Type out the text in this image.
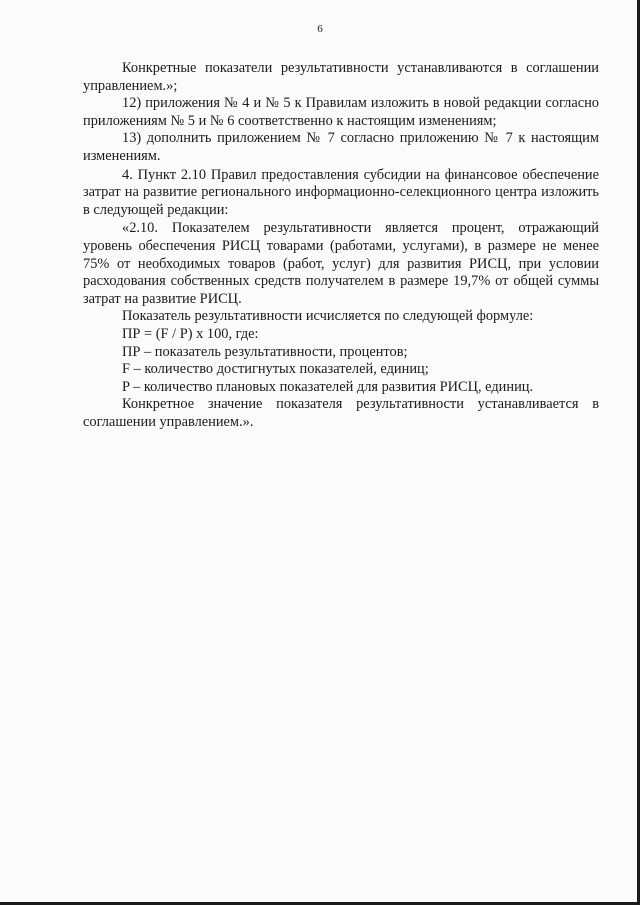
6

Конкретные показатели результативности устанавливаются в соглашении управлением.»;

12) приложения № 4 и № 5 к Правилам изложить в новой редакции согласно приложениям № 5 и № 6 соответственно к настоящим изменениям;

13) дополнить приложением № 7 согласно приложению № 7 к настоящим изменениям.

4. Пункт 2.10 Правил предоставления субсидии на финансовое обеспечение затрат на развитие регионального информационно-селекционного центра изложить в следующей редакции:

«2.10. Показателем результативности является процент, отражающий уровень обеспечения РИСЦ товарами (работами, услугами), в размере не менее 75% от необходимых товаров (работ, услуг) для развития РИСЦ, при условии расходования собственных средств получателем в размере 19,7% от общей суммы затрат на развитие РИСЦ.

Показатель результативности исчисляется по следующей формуле:

ПР = (F / P) x 100, где:

ПР – показатель результативности, процентов;

F – количество достигнутых показателей, единиц;

P – количество плановых показателей для развития РИСЦ, единиц.

Конкретное значение показателя результативности устанавливается в соглашении управлением.».
